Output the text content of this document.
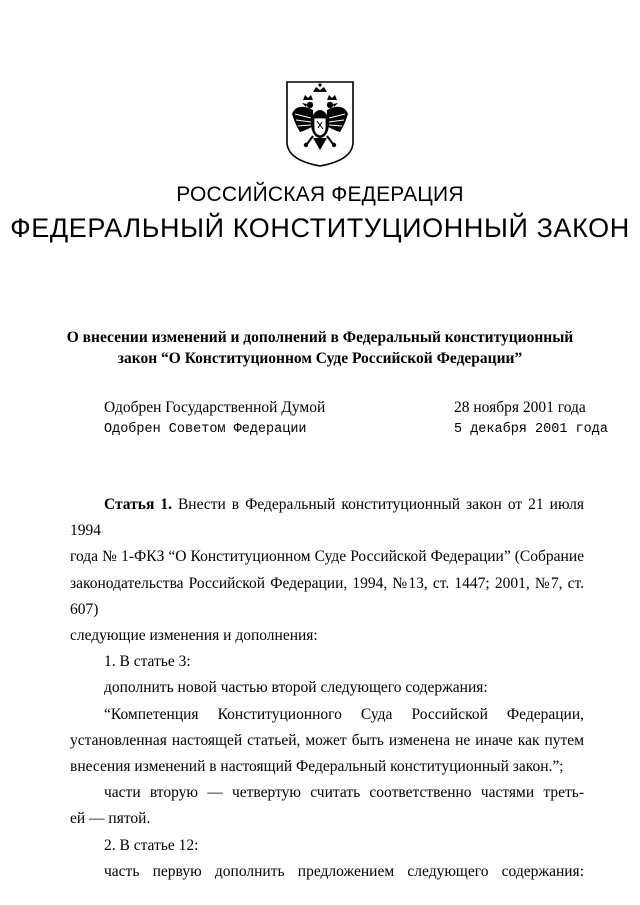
РОССИЙСКАЯ ФЕДЕРАЦИЯ
ФЕДЕРАЛЬНЫЙ КОНСТИТУЦИОННЫЙ ЗАКОН
О внесении изменений и дополнений в Федеральный конституционный
закон “О Конституционном Суде Российской Федерации”
Одобрен Государственной Думой	28 ноября 2001 года
Одобрен Советом Федерации	5 декабря 2001 года

Статья 1. Внести в Федеральный конституционный закон от 21 июля 1994

года № 1-ФКЗ “О Конституционном Суде Российской Федерации” (Собрание

законодательства Российской Федерации, 1994, №13, ст. 1447; 2001, №7, ст. 607)

следующие изменения и дополнения:

1. В статье 3:

дополнить новой частью второй следующего содержания:

“Компетенция Конституционного Суда Российской Федерации,

установленная настоящей статьей, может быть изменена не иначе как путем

внесения изменений в настоящий Федеральный конституционный закон.”;

части вторую — четвертую считать соответственно частями треть-

ей — пятой.

2. В статье 12:

часть первую дополнить предложением следующего содержания:
